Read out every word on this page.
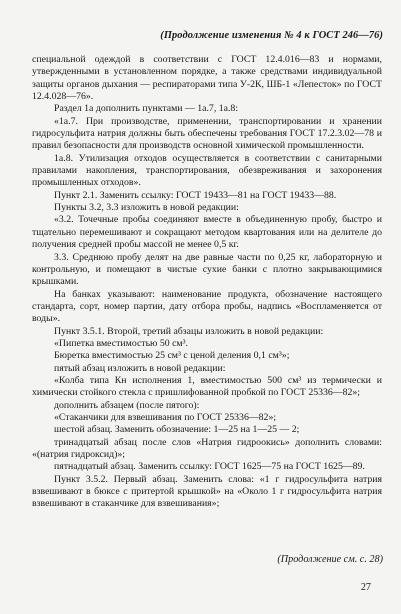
(Продолжение изменения № 4 к ГОСТ 246—76)

специальной одеждой в соответствии с ГОСТ 12.4.016—83 и нормами, утвержденными в установленном порядке, а также средствами индивидуальной защиты органов дыхания — респираторами типа У-2К, ШБ-1 «Лепесток» по ГОСТ 12.4.028—76».

Раздел 1а дополнить пунктами — 1а.7, 1а.8:

«1а.7. При производстве, применении, транспортировании и хранении гидросульфита натрия должны быть обеспечены требования ГОСТ 17.2.3.02—78 и правил безопасности для производств основной химической промышленности.

1а.8. Утилизация отходов осуществляется в соответствии с санитарными правилами накопления, транспортирования, обезвреживания и захоронения промышленных отходов».

Пункт 2.1. Заменить ссылку: ГОСТ 19433—81 на ГОСТ 19433—88.

Пункты 3.2, 3.3 изложить в новой редакции:

«3.2. Точечные пробы соединяют вместе в объединенную пробу, быстро и тщательно перемешивают и сокращают методом квартования или на делителе до получения средней пробы массой не менее 0,5 кг.

3.3. Среднюю пробу делят на две равные части по 0,25 кг, лабораторную и контрольную, и помещают в чистые сухие банки с плотно закрывающимися крышками.

На банках указывают: наименование продукта, обозначение настоящего стандарта, сорт, номер партии, дату отбора пробы, надпись «Воспламеняется от воды».

Пункт 3.5.1. Второй, третий абзацы изложить в новой редакции:

«Пипетка вместимостью 50 см³.

Бюретка вместимостью 25 см³ с ценой деления 0,1 см³»;

пятый абзац изложить в новой редакции:

«Колба типа Кн исполнения 1, вместимостью 500 см³ из термически и химически стойкого стекла с пришлифованной пробкой по ГОСТ 25336—82»;

дополнить абзацем (после пятого):

«Стаканчики для взвешивания по ГОСТ 25336—82»;

шестой абзац. Заменить обозначение: 1—25 на 1—25 — 2;

тринадцатый абзац после слов «Натрия гидроокись» дополнить словами: «(натрия гидроксид)»;

пятнадцатый абзац. Заменить ссылку: ГОСТ 1625—75 на ГОСТ 1625—89.

Пункт 3.5.2. Первый абзац. Заменить слова: «1 г гидросульфита натрия взвешивают в бюксе с притертой крышкой» на «Около 1 г гидросульфита натрия взвешивают в стаканчике для взвешивания»;

(Продолжение см. с. 28)
27
